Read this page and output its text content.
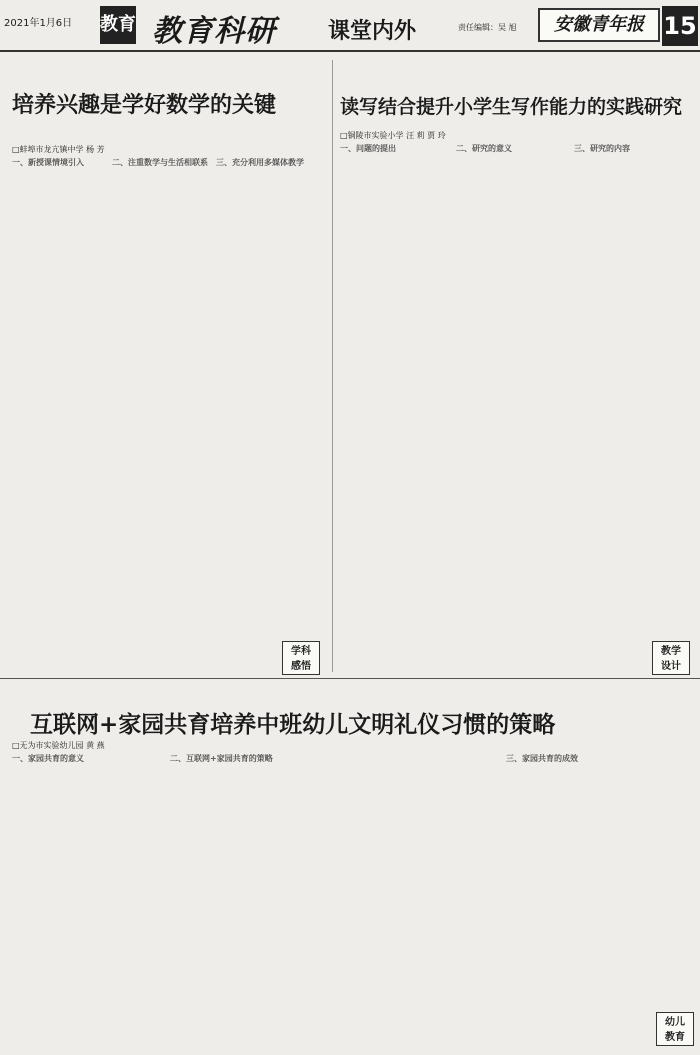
2021年1月6日 教育 教育科研 课堂内外	责任编辑：吴 旭	安徽青年报 15
培养兴趣是学好数学的关键
□蚌埠市龙亢镇中学 杨 芳
一、新授课情境引入	二、注重数学与生活相联系 三、充分利用多媒体教学
学科
感悟
读写结合提升小学生写作能力的实践研究
□铜陵市实验小学 汪 莉 贾 玲
一、问题的提出	二、研究的意义	三、研究的内容
教学
设计
互联网+家园共育培养中班幼儿文明礼仪习惯的策略
□无为市实验幼儿园 黄 燕
一、家园共育的意义	二、互联网+家园共育的策略	三、家园共育的成效
幼儿
教育
